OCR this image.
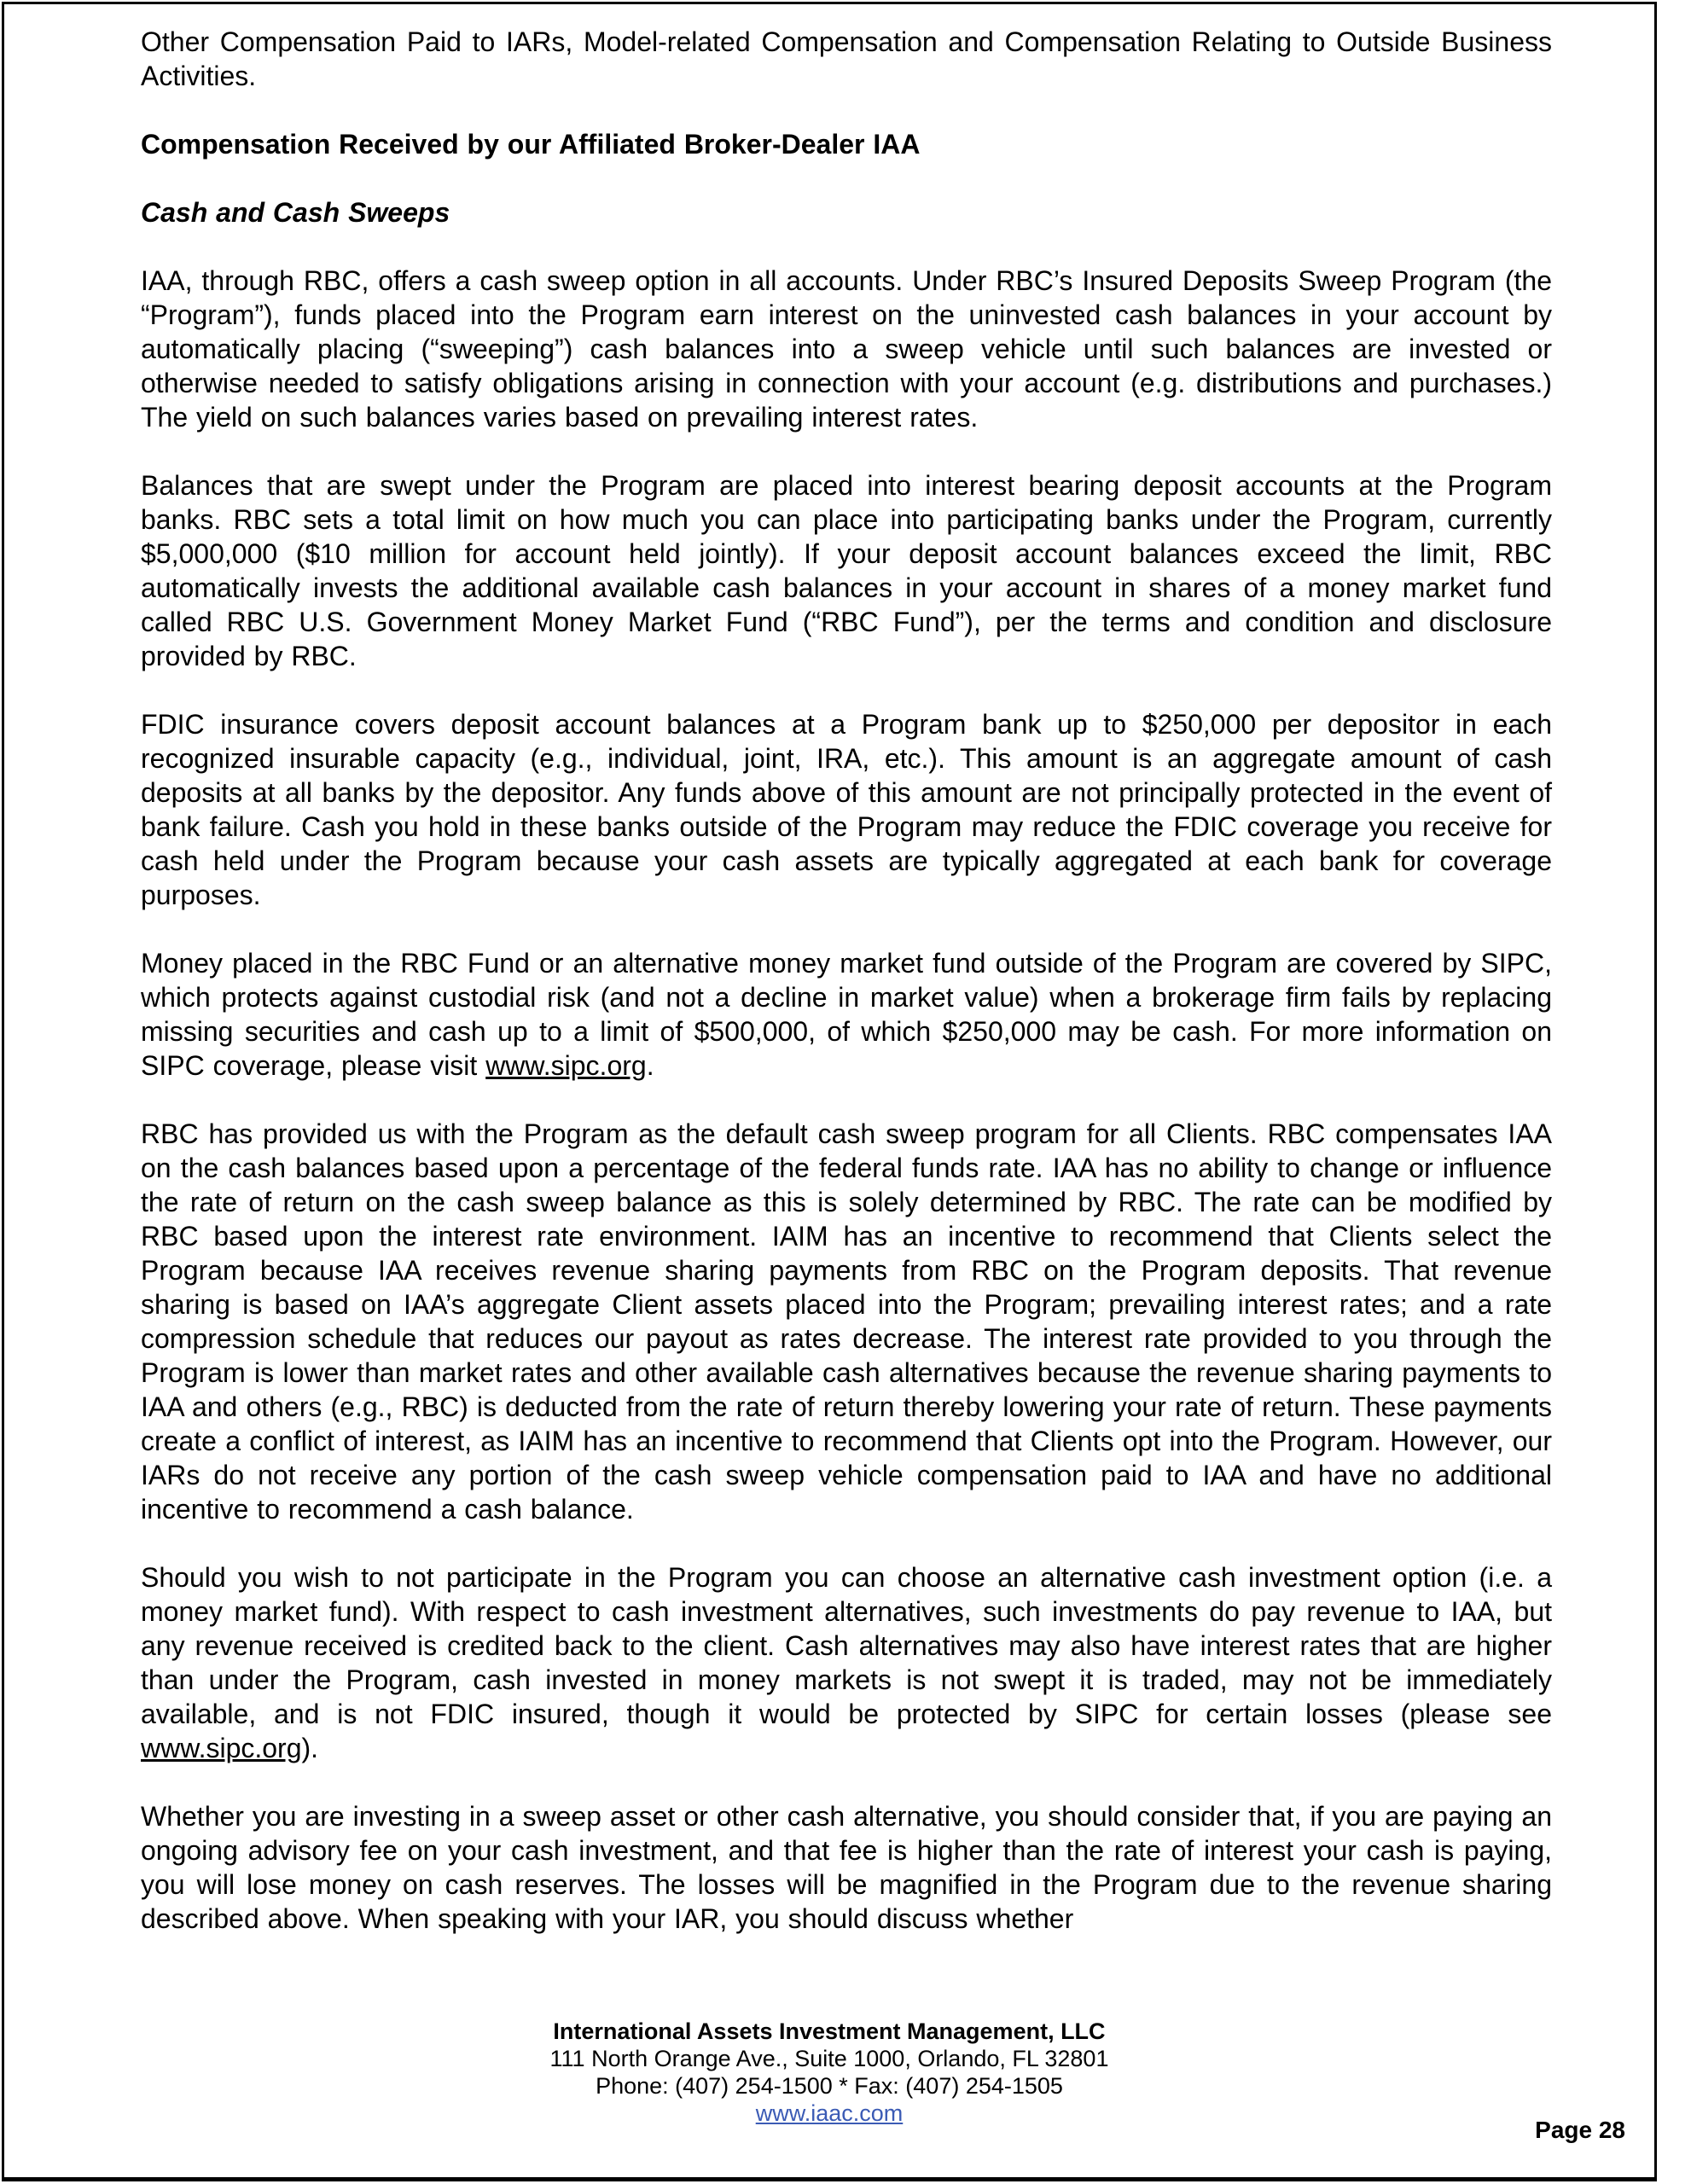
Other Compensation Paid to IARs, Model-related Compensation and Compensation Relating to Outside Business Activities.
Compensation Received by our Affiliated Broker-Dealer IAA
Cash and Cash Sweeps
IAA, through RBC, offers a cash sweep option in all accounts. Under RBC’s Insured Deposits Sweep Program (the “Program”), funds placed into the Program earn interest on the uninvested cash balances in your account by automatically placing (“sweeping”) cash balances into a sweep vehicle until such balances are invested or otherwise needed to satisfy obligations arising in connection with your account (e.g. distributions and purchases.) The yield on such balances varies based on prevailing interest rates.
Balances that are swept under the Program are placed into interest bearing deposit accounts at the Program banks. RBC sets a total limit on how much you can place into participating banks under the Program, currently $5,000,000 ($10 million for account held jointly). If your deposit account balances exceed the limit, RBC automatically invests the additional available cash balances in your account in shares of a money market fund called RBC U.S. Government Money Market Fund (“RBC Fund”), per the terms and condition and disclosure provided by RBC.
FDIC insurance covers deposit account balances at a Program bank up to $250,000 per depositor in each recognized insurable capacity (e.g., individual, joint, IRA, etc.). This amount is an aggregate amount of cash deposits at all banks by the depositor. Any funds above of this amount are not principally protected in the event of bank failure. Cash you hold in these banks outside of the Program may reduce the FDIC coverage you receive for cash held under the Program because your cash assets are typically aggregated at each bank for coverage purposes.
Money placed in the RBC Fund or an alternative money market fund outside of the Program are covered by SIPC, which protects against custodial risk (and not a decline in market value) when a brokerage firm fails by replacing missing securities and cash up to a limit of $500,000, of which $250,000 may be cash. For more information on SIPC coverage, please visit www.sipc.org.
RBC has provided us with the Program as the default cash sweep program for all Clients. RBC compensates IAA on the cash balances based upon a percentage of the federal funds rate. IAA has no ability to change or influence the rate of return on the cash sweep balance as this is solely determined by RBC. The rate can be modified by RBC based upon the interest rate environment. IAIM has an incentive to recommend that Clients select the Program because IAA receives revenue sharing payments from RBC on the Program deposits. That revenue sharing is based on IAA’s aggregate Client assets placed into the Program; prevailing interest rates; and a rate compression schedule that reduces our payout as rates decrease. The interest rate provided to you through the Program is lower than market rates and other available cash alternatives because the revenue sharing payments to IAA and others (e.g., RBC) is deducted from the rate of return thereby lowering your rate of return. These payments create a conflict of interest, as IAIM has an incentive to recommend that Clients opt into the Program. However, our IARs do not receive any portion of the cash sweep vehicle compensation paid to IAA and have no additional incentive to recommend a cash balance.
Should you wish to not participate in the Program you can choose an alternative cash investment option (i.e. a money market fund). With respect to cash investment alternatives, such investments do pay revenue to IAA, but any revenue received is credited back to the client. Cash alternatives may also have interest rates that are higher than under the Program, cash invested in money markets is not swept it is traded, may not be immediately available, and is not FDIC insured, though it would be protected by SIPC for certain losses (please see www.sipc.org).
Whether you are investing in a sweep asset or other cash alternative, you should consider that, if you are paying an ongoing advisory fee on your cash investment, and that fee is higher than the rate of interest your cash is paying, you will lose money on cash reserves. The losses will be magnified in the Program due to the revenue sharing described above. When speaking with your IAR, you should discuss whether
International Assets Investment Management, LLC
111 North Orange Ave., Suite 1000, Orlando, FL 32801
Phone: (407) 254-1500 * Fax: (407) 254-1505
www.iaac.com
Page 28
